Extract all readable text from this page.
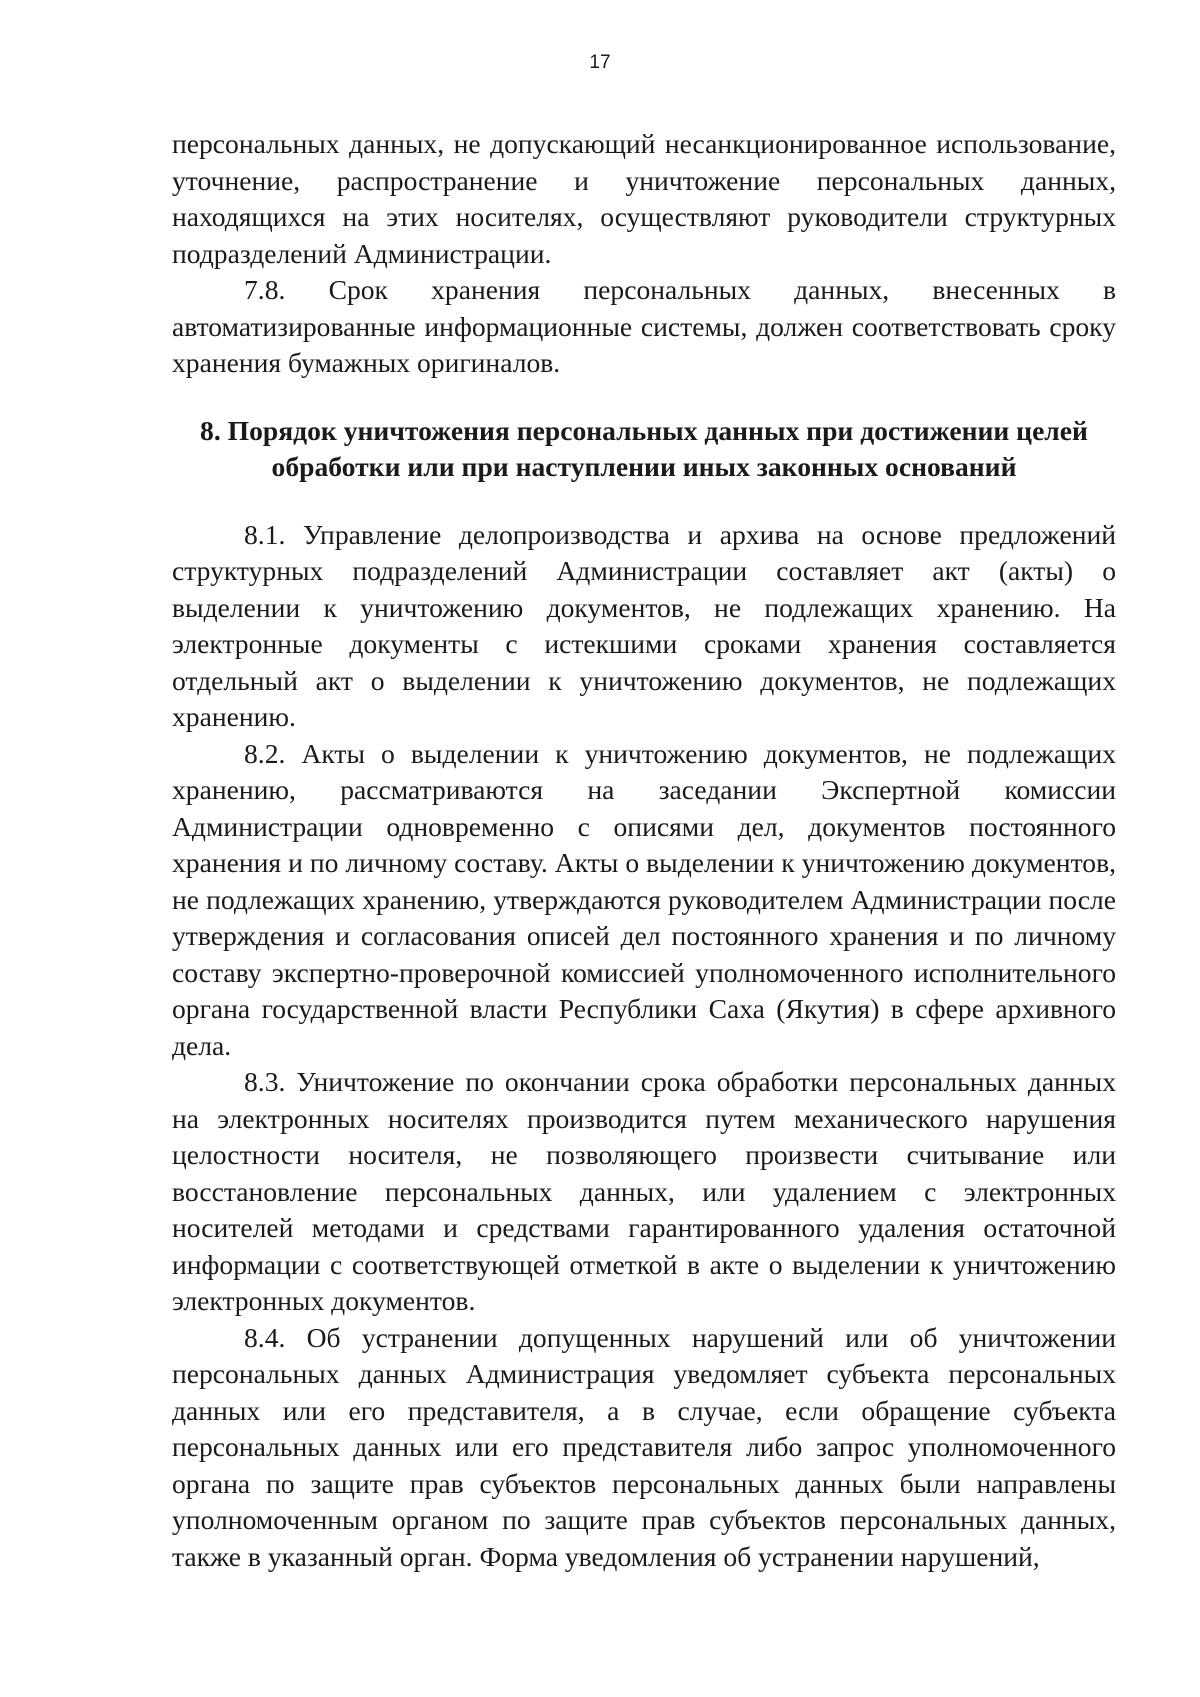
17

персональных данных, не допускающий несанкционированное использование, уточнение, распространение и уничтожение персональных данных, находящихся на этих носителях, осуществляют руководители структурных подразделений Администрации.

7.8. Срок хранения персональных данных, внесенных в автоматизированные информационные системы, должен соответствовать сроку хранения бумажных оригиналов.

8. Порядок уничтожения персональных данных при достижении целей
обработки или при наступлении иных законных оснований

8.1. Управление делопроизводства и архива на основе предложений структурных подразделений Администрации составляет акт (акты) о выделении к уничтожению документов, не подлежащих хранению. На электронные документы с истекшими сроками хранения составляется отдельный акт о выделении к уничтожению документов, не подлежащих хранению.

8.2. Акты о выделении к уничтожению документов, не подлежащих хранению, рассматриваются на заседании Экспертной комиссии Администрации одновременно с описями дел, документов постоянного хранения и по личному составу. Акты о выделении к уничтожению документов, не подлежащих хранению, утверждаются руководителем Администрации после утверждения и согласования описей дел постоянного хранения и по личному составу экспертно-проверочной комиссией уполномоченного исполнительного органа государственной власти Республики Саха (Якутия) в сфере архивного дела.

8.3. Уничтожение по окончании срока обработки персональных данных на электронных носителях производится путем механического нарушения целостности носителя, не позволяющего произвести считывание или восстановление персональных данных, или удалением с электронных носителей методами и средствами гарантированного удаления остаточной информации с соответствующей отметкой в акте о выделении к уничтожению электронных документов.

8.4. Об устранении допущенных нарушений или об уничтожении персональных данных Администрация уведомляет субъекта персональных данных или его представителя, а в случае, если обращение субъекта персональных данных или его представителя либо запрос уполномоченного органа по защите прав субъектов персональных данных были направлены уполномоченным органом по защите прав субъектов персональных данных, также в указанный орган. Форма уведомления об устранении нарушений,
